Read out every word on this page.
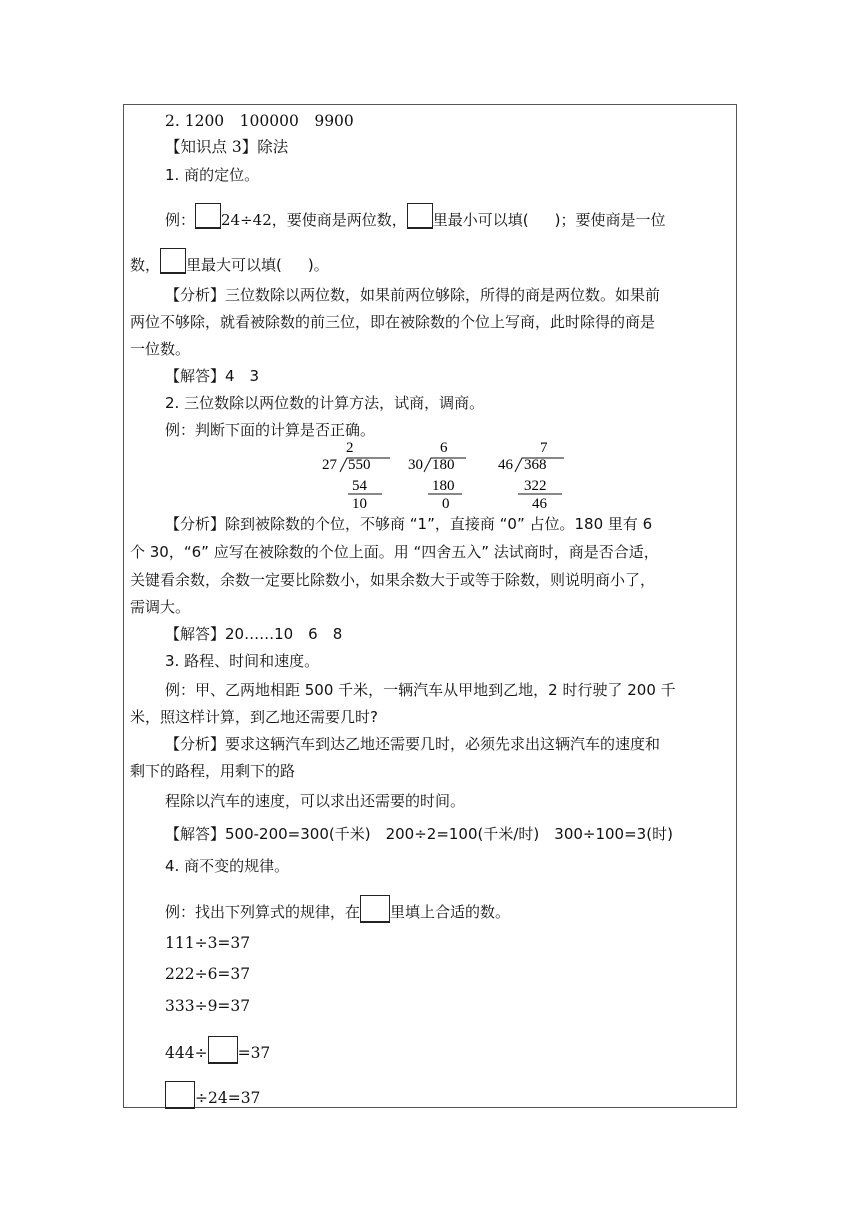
2. 1200　100000　9900
【知识点 3】除法
1. 商的定位。
例： 24÷42，要使商是两位数， 里最小可以填( )；要使商是一位
数， 里最大可以填( )。
【分析】三位数除以两位数，如果前两位够除，所得的商是两位数。如果前
两位不够除，就看被除数的前三位，即在被除数的个位上写商，此时除得的商是
一位数。
【解答】4　3
2. 三位数除以两位数的计算方法，试商，调商。
例：判断下面的计算是否正确。
2
27 550
54
10
6
30 180
180
0
7
46 368
322
46
【分析】除到被除数的个位，不够商 “1”，直接商 “0” 占位。180 里有 6
个 30，“6” 应写在被除数的个位上面。用 “四舍五入” 法试商时，商是否合适，
关键看余数，余数一定要比除数小，如果余数大于或等于除数，则说明商小了，
需调大。
【解答】20……10　6　8
3. 路程、时间和速度。
例：甲、乙两地相距 500 千米，一辆汽车从甲地到乙地，2 时行驶了 200 千
米，照这样计算，到乙地还需要几时?
【分析】要求这辆汽车到达乙地还需要几时，必须先求出这辆汽车的速度和
剩下的路程，用剩下的路
程除以汽车的速度，可以求出还需要的时间。
【解答】500-200=300(千米)　200÷2=100(千米/时)　300÷100=3(时)
4. 商不变的规律。
例：找出下列算式的规律，在 里填上合适的数。
111÷3=37
222÷6=37
333÷9=37
444÷ =37
÷24=37
